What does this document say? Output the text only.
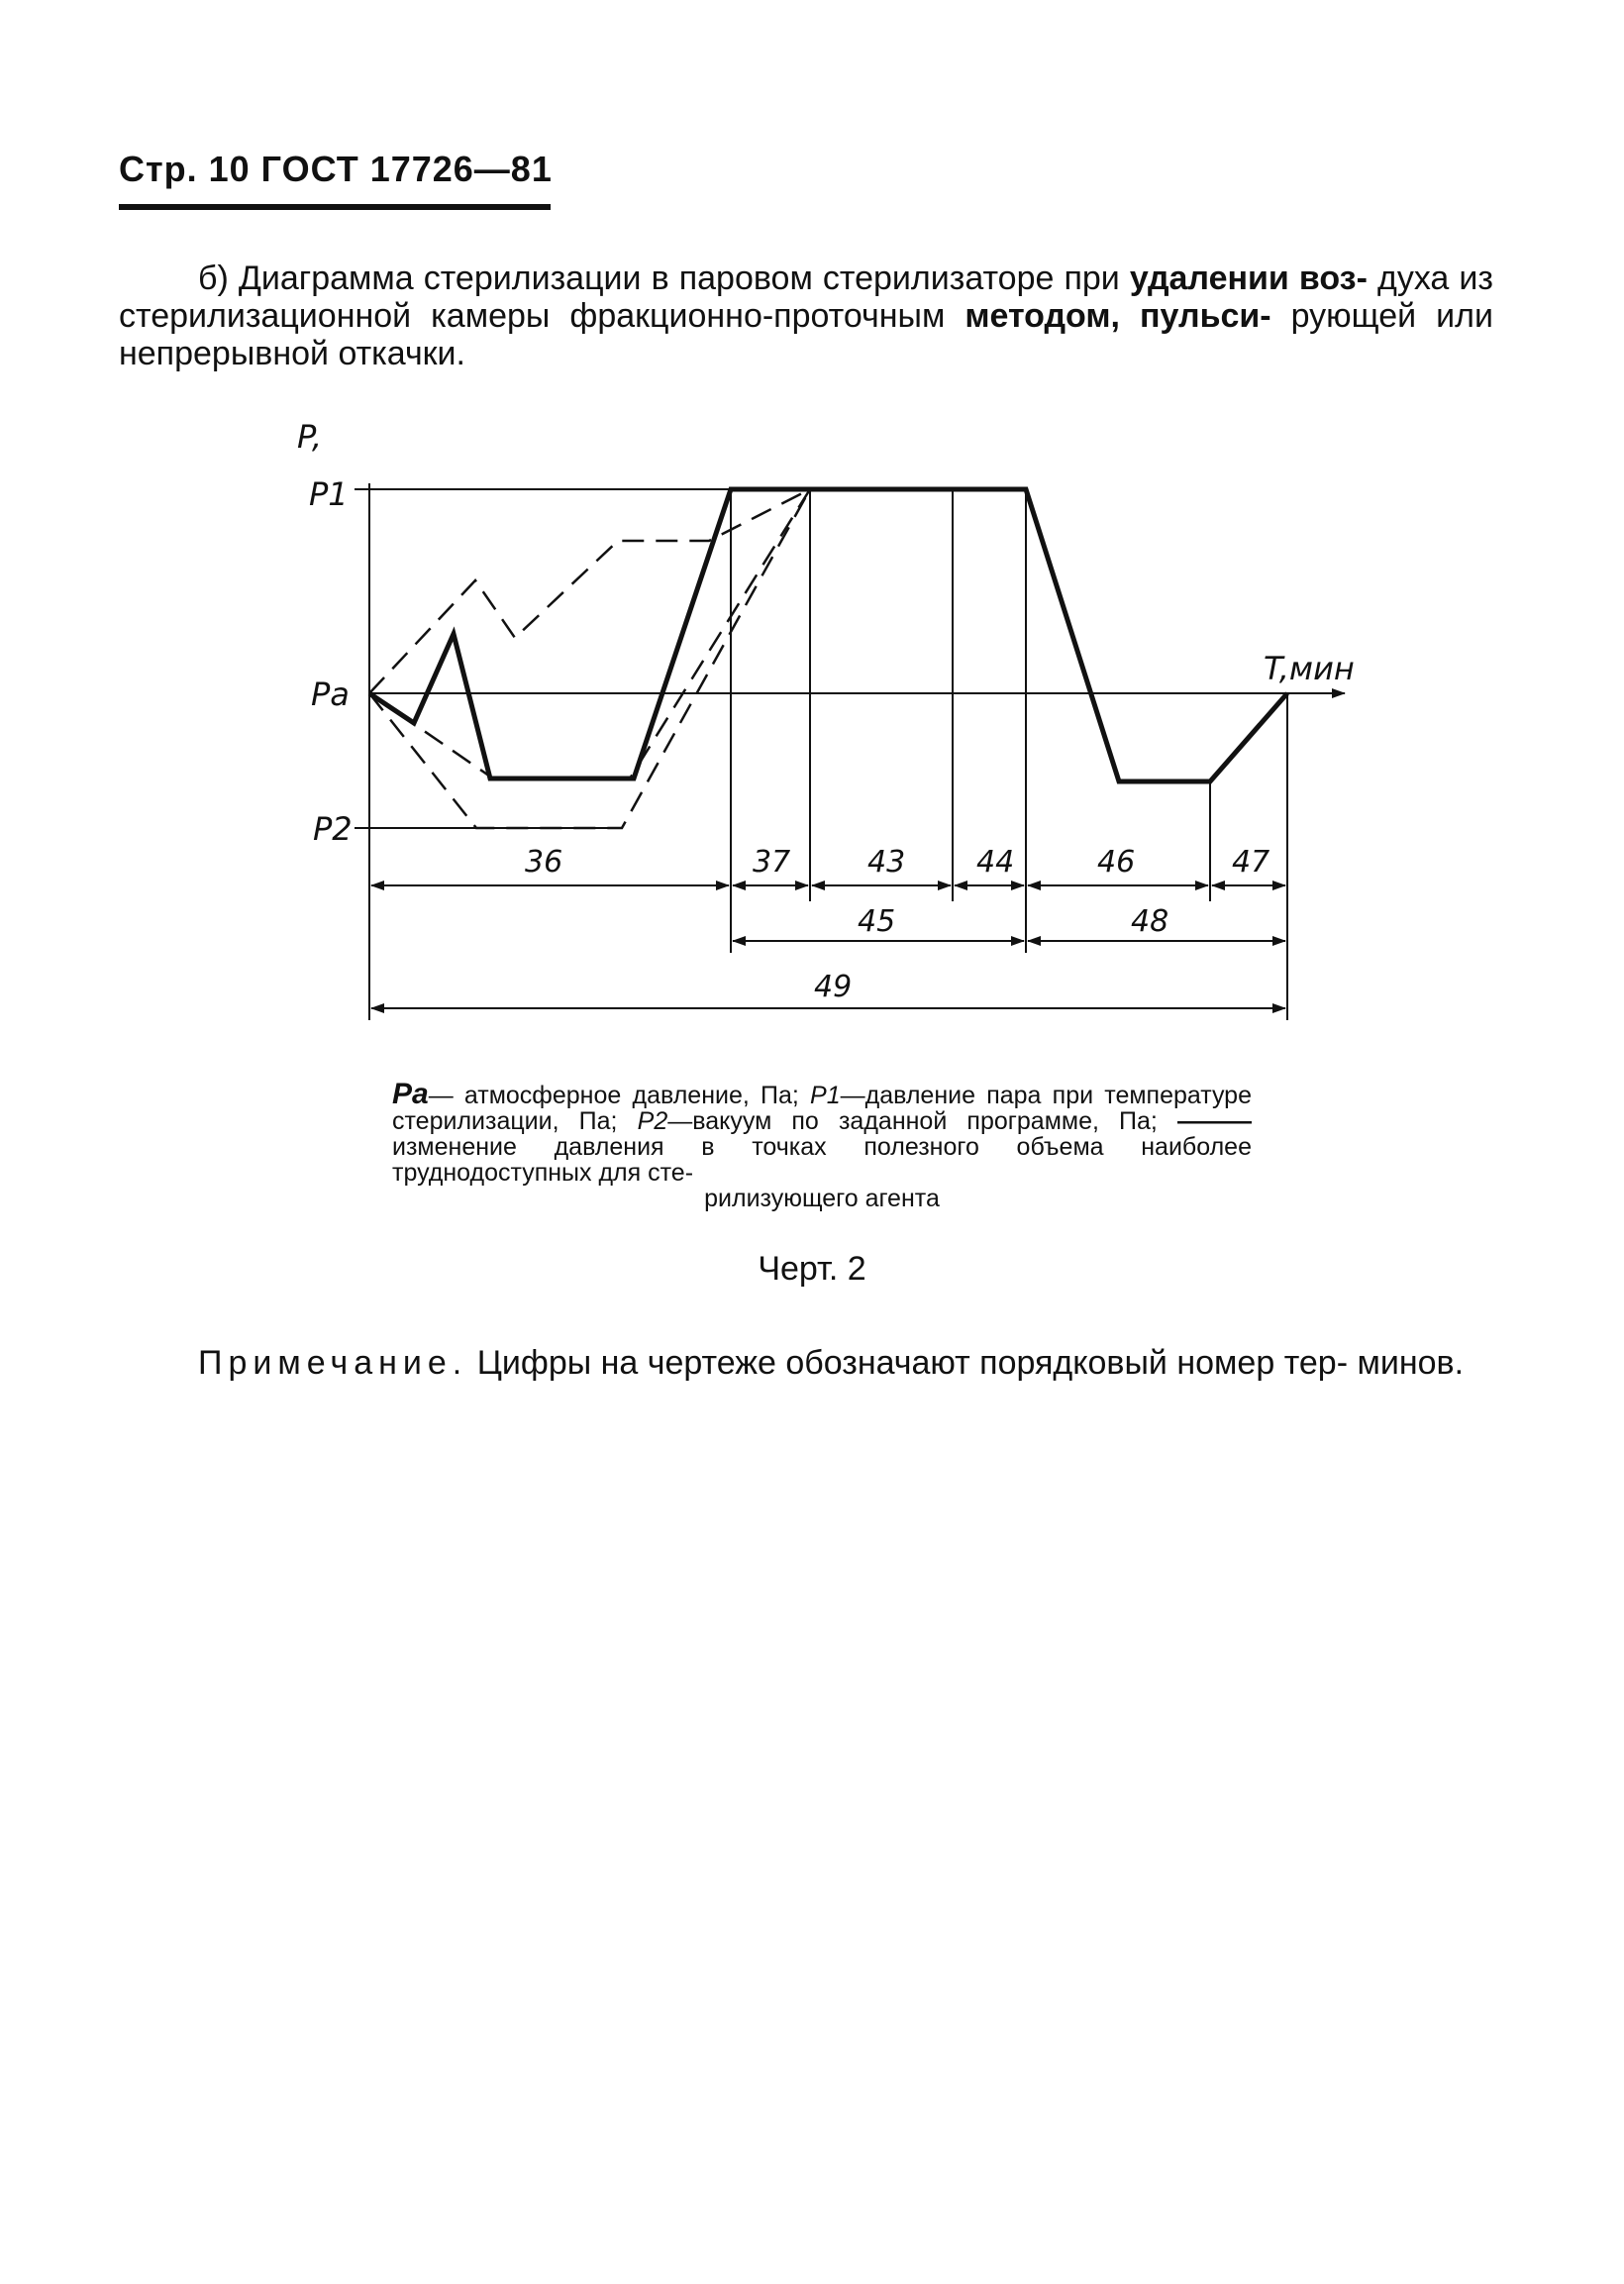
Стр. 10 ГОСТ 17726—81
б) Диаграмма стерилизации в паровом стерилизаторе при удалении воз- духа из стерилизационной камеры фракционно-проточным методом, пульси- рующей или непрерывной откачки.
P,
P1
Pa
P2
T,мин
36	37	43 44	46	47
45	48
49
Pa— атмосферное давление, Па; P1—давление пара при температуре стерилизации, Па; P2—вакуум по заданной программе, Па; ——— изменение давления в точках полезного объема наиболее труднодоступных для сте-
рилизующего агента
Черт. 2
Примечание. Цифры на чертеже обозначают порядковый номер тер- минов.
